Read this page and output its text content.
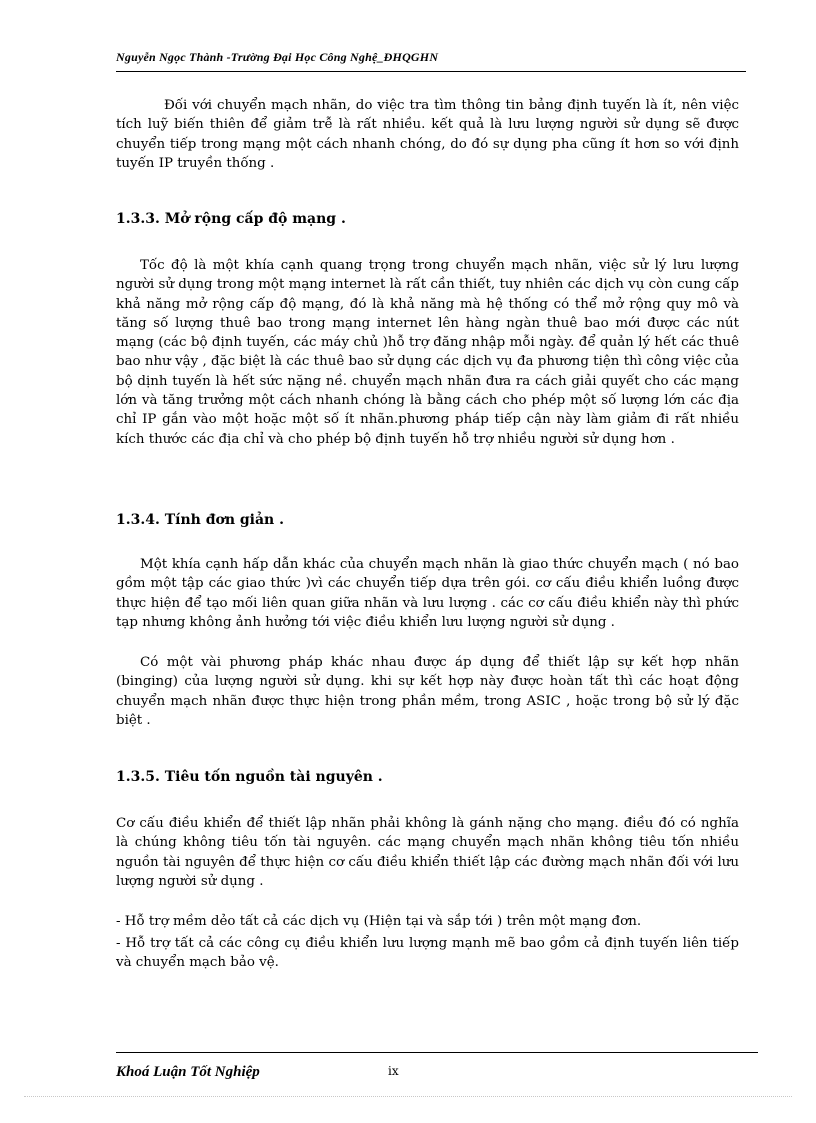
Nguyễn Ngọc Thành -Trường Đại Học Công Nghệ_ĐHQGHN
Đối với chuyển mạch nhãn, do việc tra tìm thông tin bảng định tuyến là ít, nên việc tích luỹ biến thiên để giảm trễ là rất nhiều. kết quả là lưu lượng người sử dụng sẽ được chuyển tiếp trong mạng một cách nhanh chóng, do đó sự dụng pha cũng ít hơn so với định tuyến IP truyền thống .
1.3.3. Mở rộng cấp độ mạng .
Tốc độ là một khía cạnh quang trọng trong chuyển mạch nhãn, việc sử lý lưu lượng người sử dụng trong một mạng internet là rất cần thiết, tuy nhiên các dịch vụ còn cung cấp khả năng mở rộng cấp độ mạng, đó là khả năng mà hệ thống có thể mở rộng quy mô và tăng số lượng thuê bao trong mạng internet lên hàng ngàn thuê bao mới được các nút mạng (các bộ định tuyến, các máy chủ )hỗ trợ đăng nhập mỗi ngày. để quản lý hết các thuê bao như vậy , đặc biệt là các thuê bao sử dụng các dịch vụ đa phương tiện thì công việc của bộ dịnh tuyến là hết sức nặng nề. chuyển mạch nhãn đưa ra cách giải quyết cho các mạng lớn và tăng trưởng một cách nhanh chóng là bằng cách cho phép một số lượng lớn các địa chỉ IP gắn vào một hoặc một số ít nhãn.phương pháp tiếp cận này làm giảm đi rất nhiều kích thước các địa chỉ và cho phép bộ định tuyến hỗ trợ nhiều người sử dụng hơn .
1.3.4. Tính đơn giản .
Một khía cạnh hấp dẫn khác của chuyển mạch nhãn là giao thức chuyển mạch ( nó bao gồm một tập các giao thức )vì các chuyển tiếp dựa trên gói. cơ cấu điều khiển luồng được thực hiện để tạo mối liên quan giữa nhãn và lưu lượng . các cơ cấu điều khiển này thì phức tạp nhưng không ảnh hưởng tới việc điều khiển lưu lượng người sử dụng .
Có một vài phương pháp khác nhau được áp dụng để thiết lập sự kết hợp nhãn (binging) của lượng người sử dụng. khi sự kết hợp này được hoàn tất thì các hoạt động chuyển mạch nhãn được thực hiện trong phần mềm, trong ASIC , hoặc trong bộ sử lý đặc biệt .
1.3.5. Tiêu tốn nguồn tài nguyên .
Cơ cấu điều khiển để thiết lập nhãn phải không là gánh nặng cho mạng. điều đó có nghĩa là chúng không tiêu tốn tài nguyên. các mạng chuyển mạch nhãn không tiêu tốn nhiều nguồn tài nguyên để thực hiện cơ cấu điều khiển thiết lập các đường mạch nhãn đối với lưu lượng người sử dụng .
- Hỗ trợ mềm dẻo tất cả các dịch vụ (Hiện tại và sắp tới ) trên một mạng đơn.
- Hỗ trợ tất cả các công cụ điều khiển lưu lượng mạnh mẽ bao gồm cả định tuyến liên tiếp và chuyển mạch bảo vệ.
Khoá Luận Tốt Nghiệp	ix
